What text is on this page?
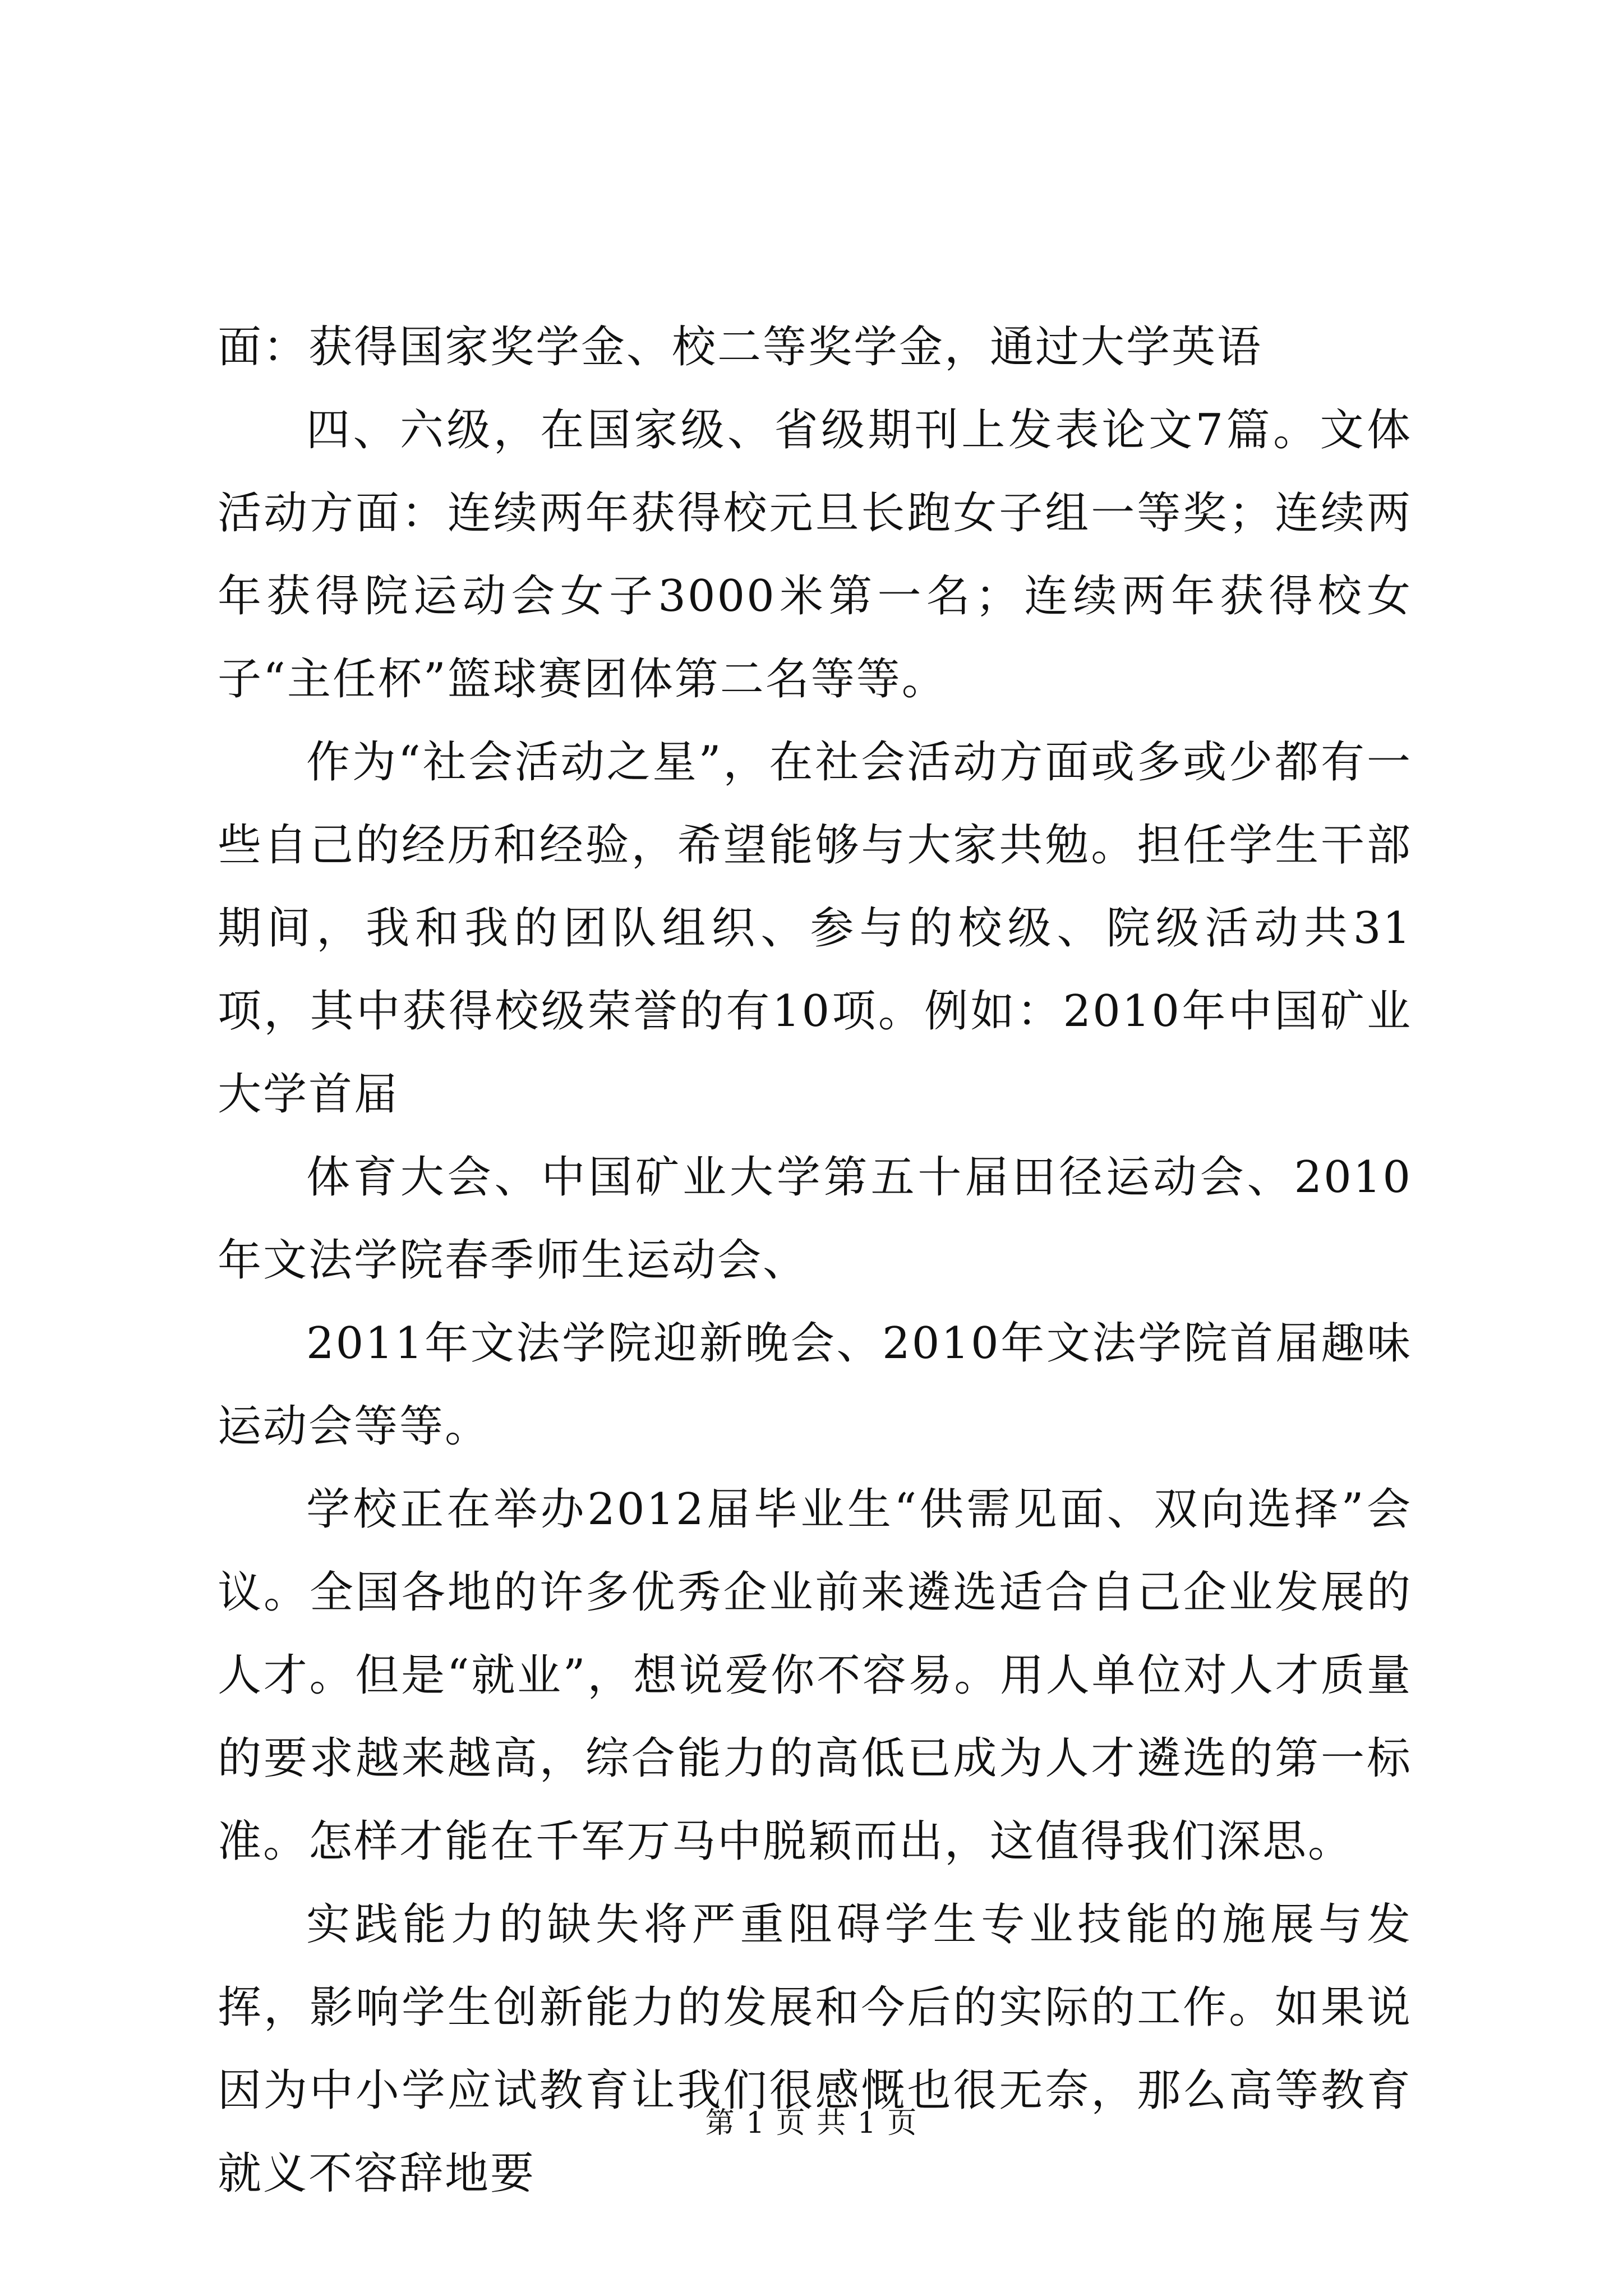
面：获得国家奖学金、校二等奖学金，通过大学英语

四、六级，在国家级、省级期刊上发表论文7篇。文体活动方面：连续两年获得校元旦长跑女子组一等奖；连续两年获得院运动会女子3000米第一名；连续两年获得校女子“主任杯”篮球赛团体第二名等等。

作为“社会活动之星”，在社会活动方面或多或少都有一些自己的经历和经验，希望能够与大家共勉。担任学生干部期间，我和我的团队组织、参与的校级、院级活动共31项，其中获得校级荣誉的有10项。例如：2010年中国矿业大学首届

体育大会、中国矿业大学第五十届田径运动会、2010年文法学院春季师生运动会、

2011年文法学院迎新晚会、2010年文法学院首届趣味运动会等等。

学校正在举办2012届毕业生“供需见面、双向选择”会议。全国各地的许多优秀企业前来遴选适合自己企业发展的人才。但是“就业”，想说爱你不容易。用人单位对人才质量的要求越来越高，综合能力的高低已成为人才遴选的第一标准。怎样才能在千军万马中脱颖而出，这值得我们深思。

实践能力的缺失将严重阻碍学生专业技能的施展与发挥，影响学生创新能力的发展和今后的实际的工作。如果说因为中小学应试教育让我们很感慨也很无奈，那么高等教育就义不容辞地要

第 1 页 共 1 页
